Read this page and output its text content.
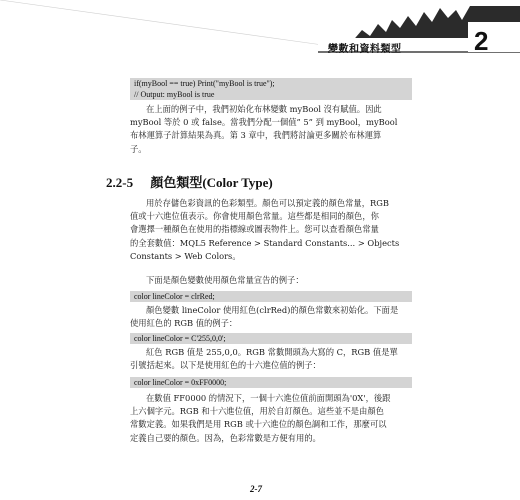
變數和資料類型	2
if(myBool == true) Print("myBool is true");
// Output: myBool is true
在上面的例子中，我們初始化布林變數 myBool 沒有賦值。因此
myBool 等於 0 或 false。當我們分配一個值” 5” 到 myBool，myBool
布林運算子計算結果為真。第 3 章中，我們將討論更多關於布林運算
子。
2.2-5 顏色類型(Color Type)
用於存儲色彩資訊的色彩類型。顏色可以預定義的顏色常量，RGB
值或十六進位值表示。你會使用顏色常量。這些都是相同的顏色，你
會選擇一種顏色在使用的指標線或圖表物件上。您可以查看顏色常量
的全套數值：MQL5 Reference > Standard Constants... > Objects
Constants > Web Colors。
下面是顏色變數使用顏色常量宣告的例子：
color lineColor = clrRed;
顏色變數 lineColor 使用紅色(clrRed)的顏色常數來初始化。下面是
使用紅色的 RGB 值的例子：
color lineColor = C'255,0,0';
紅色 RGB 值是 255,0,0。RGB 常數開頭為大寫的 C，RGB 值是單
引號括起來。以下是使用紅色的十六進位值的例子：
color lineColor = 0xFF0000;
在數值 FF0000 的情況下，一個十六進位值前面開頭為'0X'，後跟
上六個字元。RGB 和十六進位值，用於自訂顏色。這些並不是由顏色
常數定義。如果我們是用 RGB 或十六進位的顏色調和工作，那麼可以
定義自己要的顏色。因為，色彩常數是方便有用的。
2-7
